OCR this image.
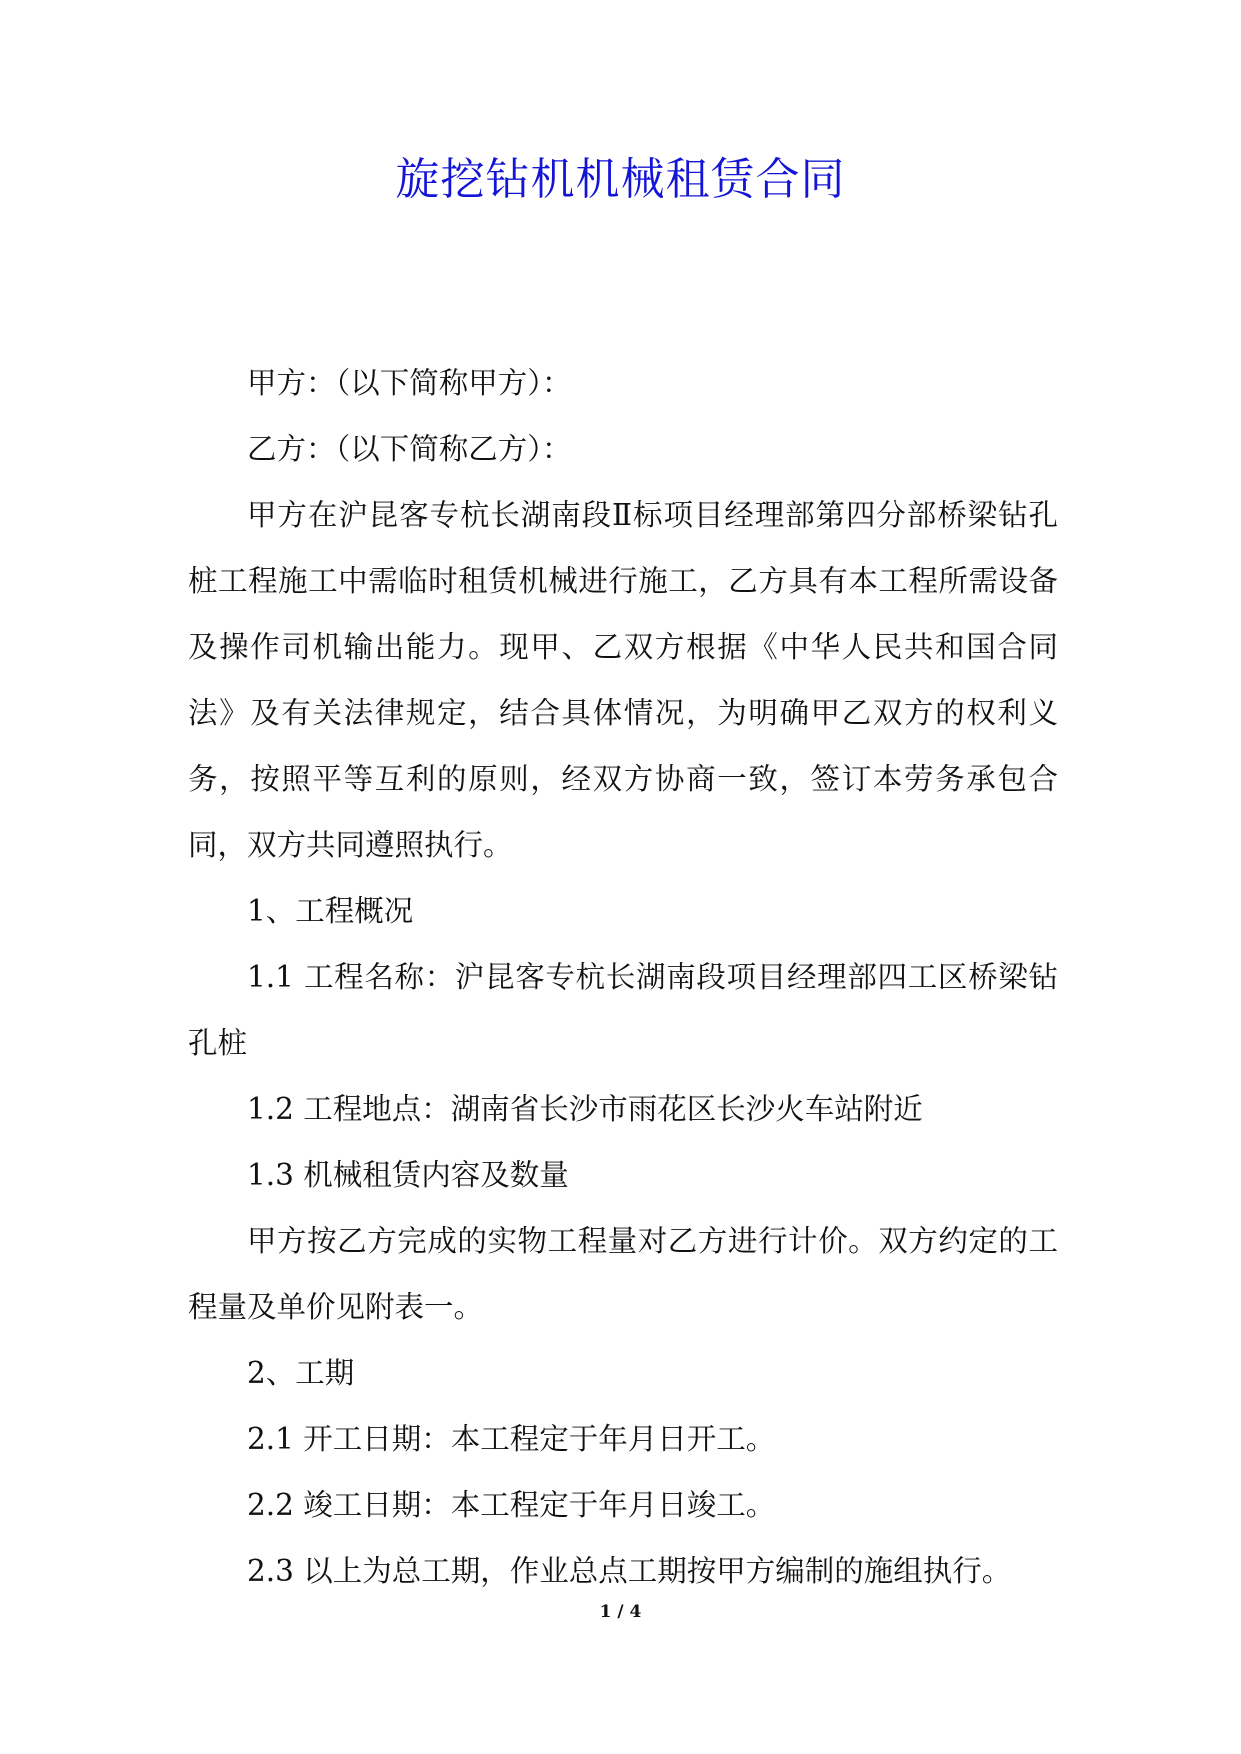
旋挖钻机机械租赁合同

甲方：（以下简称甲方）：

乙方：（以下简称乙方）：

甲方在沪昆客专杭长湖南段Ⅱ标项目经理部第四分部桥梁钻孔桩工程施工中需临时租赁机械进行施工，乙方具有本工程所需设备及操作司机输出能力。现甲、乙双方根据《中华人民共和国合同法》及有关法律规定，结合具体情况，为明确甲乙双方的权利义务，按照平等互利的原则，经双方协商一致，签订本劳务承包合同，双方共同遵照执行。

1、工程概况

1.1 工程名称：沪昆客专杭长湖南段项目经理部四工区桥梁钻孔桩

1.2 工程地点：湖南省长沙市雨花区长沙火车站附近

1.3 机械租赁内容及数量

甲方按乙方完成的实物工程量对乙方进行计价。双方约定的工程量及单价见附表一。

2、工期

2.1 开工日期：本工程定于年月日开工。

2.2 竣工日期：本工程定于年月日竣工。

2.3 以上为总工期，作业总点工期按甲方编制的施组执行。

1 / 4
